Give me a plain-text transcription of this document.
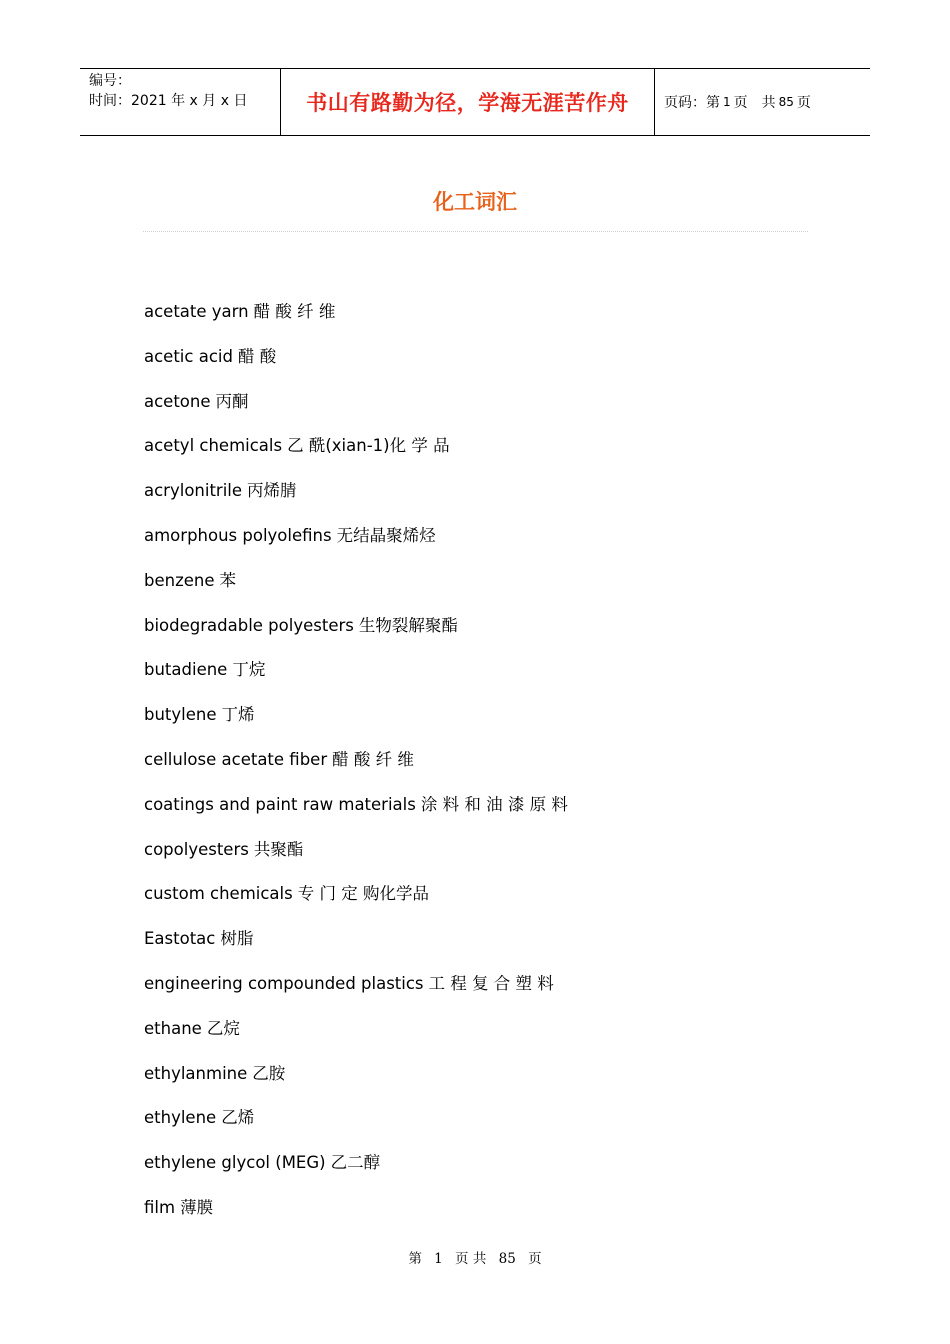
编号：
时间：2021 年 x 月 x 日	书山有路勤为径，学海无涯苦作舟	页码：第 1 页　共 85 页
化工词汇
acetate yarn 醋 酸 纤 维
acetic acid 醋 酸
acetone 丙酮
acetyl chemicals 乙 酰(xian-1)化 学 品
acrylonitrile 丙烯腈
amorphous polyolefins 无结晶聚烯烃
benzene 苯
biodegradable polyesters 生物裂解聚酯
butadiene 丁烷
butylene 丁烯
cellulose acetate fiber 醋 酸 纤 维
coatings and paint raw materials 涂 料 和 油 漆 原 料
copolyesters 共聚酯
custom chemicals 专 门 定 购化学品
Eastotac 树脂
engineering compounded plastics 工 程 复 合 塑 料
ethane 乙烷
ethylanmine 乙胺
ethylene 乙烯
ethylene glycol (MEG) 乙二醇
film 薄膜
第 1 页 共 85 页
